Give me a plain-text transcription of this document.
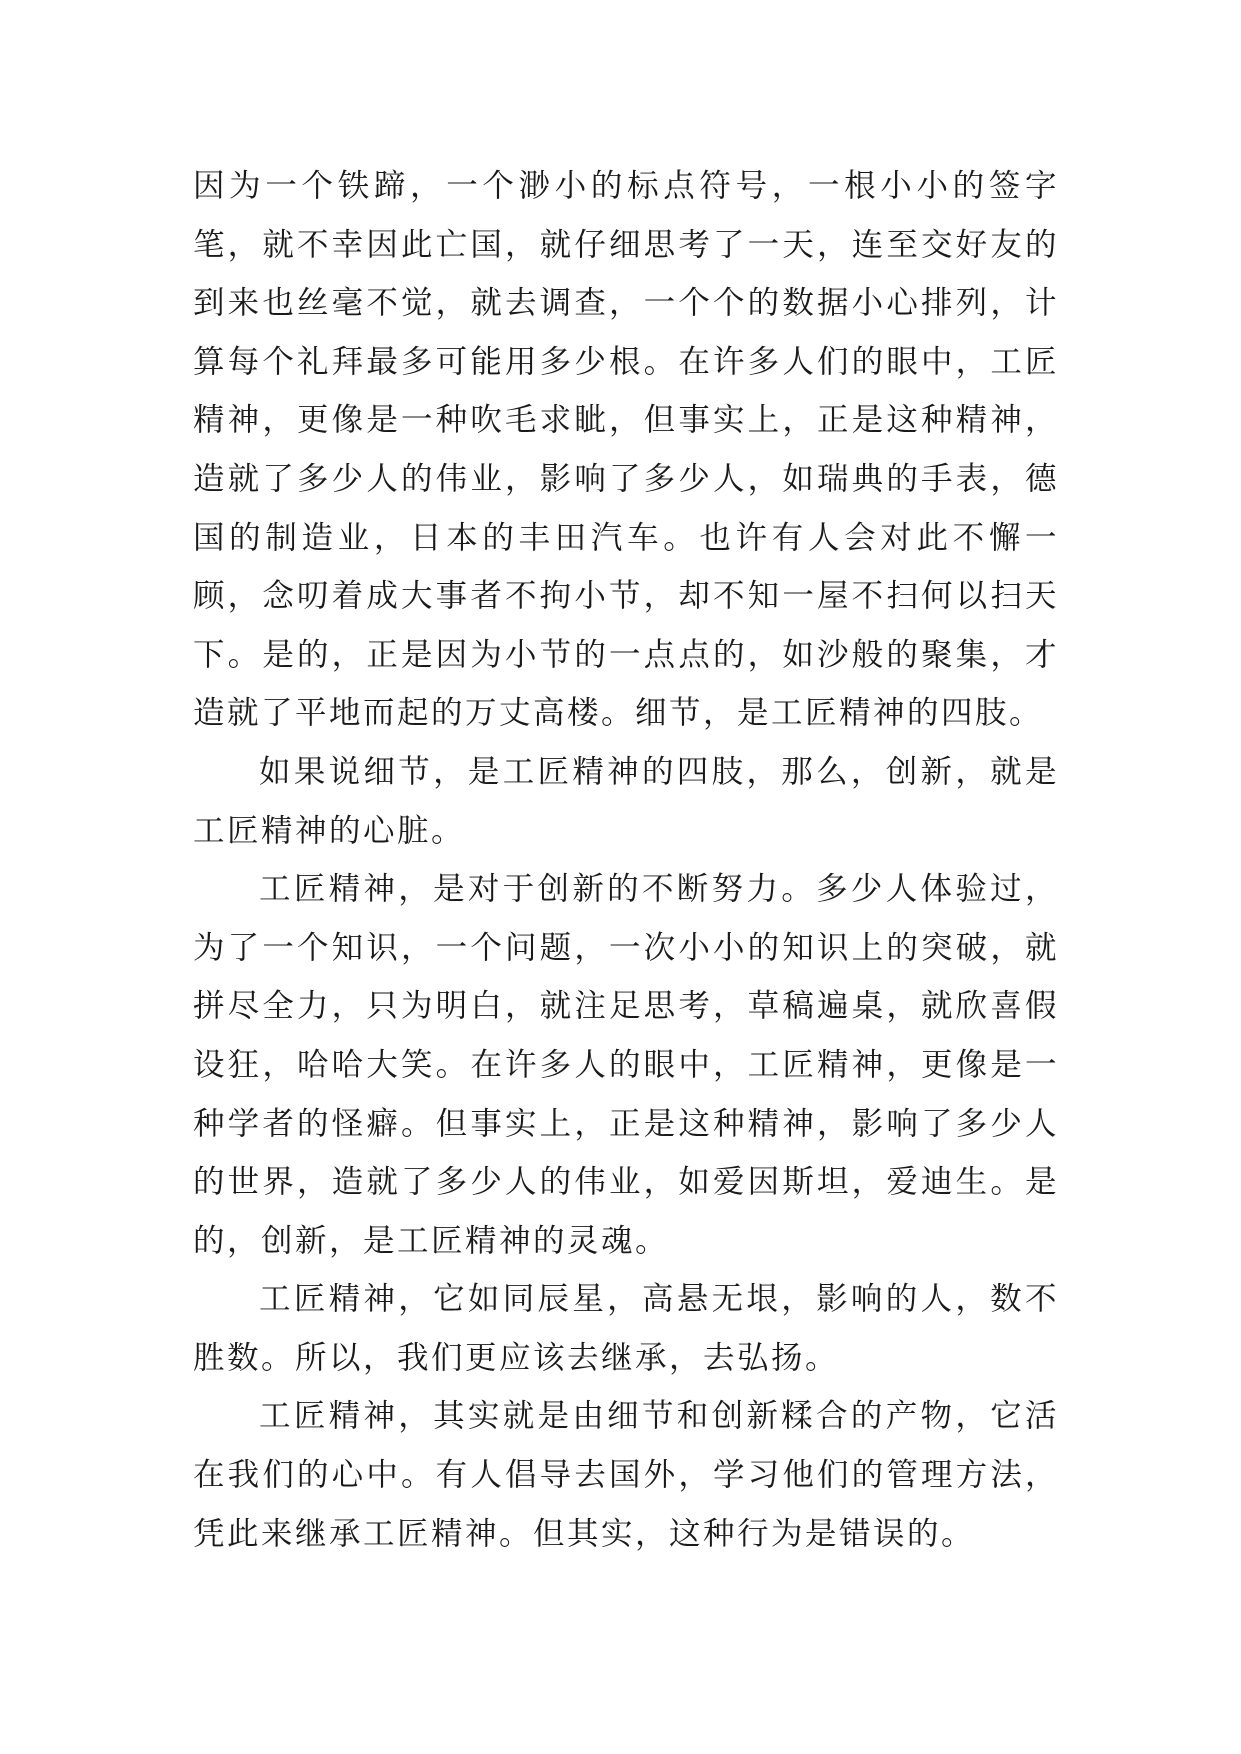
因为一个铁蹄，一个渺小的标点符号，一根小小的签字笔，就不幸因此亡国，就仔细思考了一天，连至交好友的到来也丝毫不觉，就去调查，一个个的数据小心排列，计算每个礼拜最多可能用多少根。在许多人们的眼中，工匠精神，更像是一种吹毛求眦，但事实上，正是这种精神，造就了多少人的伟业，影响了多少人，如瑞典的手表，德国的制造业，日本的丰田汽车。也许有人会对此不懈一顾，念叨着成大事者不拘小节，却不知一屋不扫何以扫天下。是的，正是因为小节的一点点的，如沙般的聚集，才造就了平地而起的万丈高楼。细节，是工匠精神的四肢。

如果说细节，是工匠精神的四肢，那么，创新，就是工匠精神的心脏。

工匠精神，是对于创新的不断努力。多少人体验过，为了一个知识，一个问题，一次小小的知识上的突破，就拼尽全力，只为明白，就注足思考，草稿遍桌，就欣喜假设狂，哈哈大笑。在许多人的眼中，工匠精神，更像是一种学者的怪癖。但事实上，正是这种精神，影响了多少人的世界，造就了多少人的伟业，如爱因斯坦，爱迪生。是的，创新，是工匠精神的灵魂。

工匠精神，它如同辰星，高悬无垠，影响的人，数不胜数。所以，我们更应该去继承，去弘扬。

工匠精神，其实就是由细节和创新糅合的产物，它活在我们的心中。有人倡导去国外，学习他们的管理方法，凭此来继承工匠精神。但其实，这种行为是错误的。
